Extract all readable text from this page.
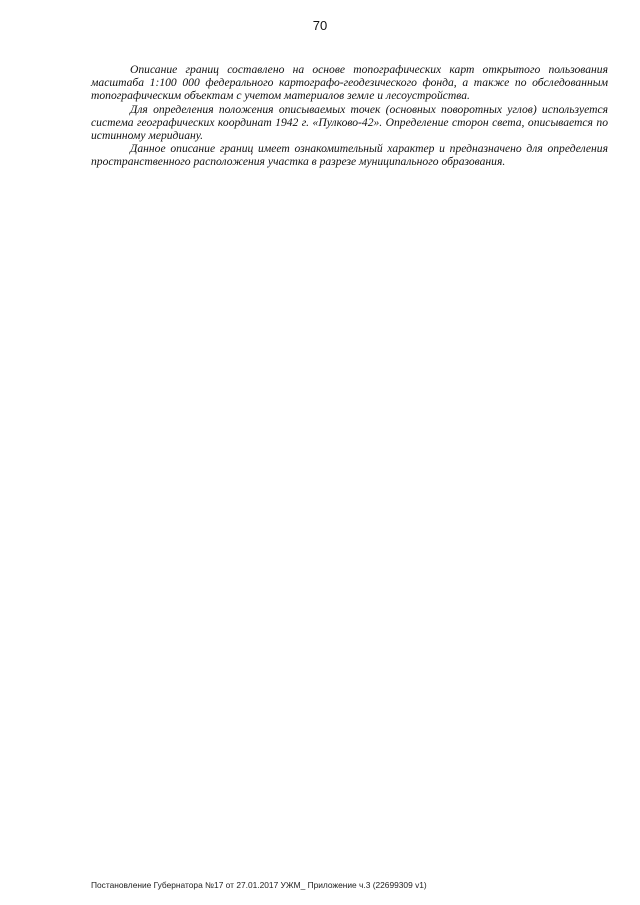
70

Описание границ составлено на основе топографических карт открытого пользования масштаба 1:100 000 федерального картографо-геодезического фонда, а также по обследованным топографическим объектам с учетом материалов земле и лесоустройства.

Для определения положения описываемых точек (основных поворотных углов) используется система географических координат 1942 г. «Пулково-42». Определение сторон света, описывается по истинному меридиану.

Данное описание границ имеет ознакомительный характер и предназначено для определения пространственного расположения участка в разрезе муниципального образования.

Постановление Губернатора №17 от 27.01.2017 УЖМ_ Приложение ч.3 (22699309 v1)
